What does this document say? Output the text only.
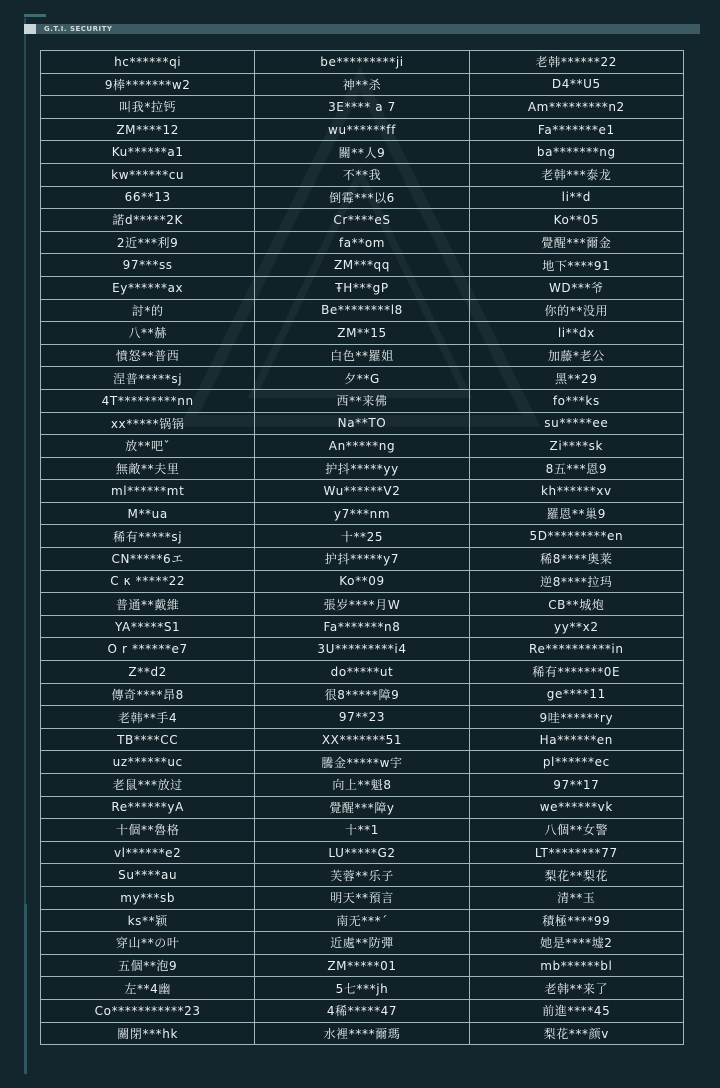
G.T.I. SECURITY
hc******qi	be*********ji	老韩******22
9棒*******w2	神**杀	D4**U5
叫我*拉钙	3E**** a 7	Am*********n2
ZM****12	wu******ff	Fa*******e1
Ku******a1	關**人9	ba*******ng
kw******cu	不**我	老韩***泰龙
66**13	倒霉***以6	li**d
諾d*****2K	Cr****eS	Ko**05
2近***利9	fa**om	覺醒***爾金
97***ss	ZM***qq	地下****91
Ey******ax	ŦH***gP	WD***爷
討*的	Be********l8	你的**没用
八**赫	ZM**15	li**dx
憤怒**普西	白色**羅姐	加藤*老公
涅普*****sj	夕**G	黑**29
4T*********nn	西**来佛	fo***ks
xx*****锅锅	Na**TO	su*****ee
放**吧ˇ	An*****ng	Zi****sk
無敵**夫里	护抖*****yy	8五***恩9
ml******mt	Wu******V2	kh******xv
M**ua	y7***nm	羅恩**巢9
稀有*****sj	十**25	5D*********en
CN*****6エ	护抖*****y7	稀8****奥莱
C κ *****22	Ko**09	逆8****拉玛
普通**戴維	張岁****月W	CB**城炮
YA*****S1	Fa*******n8	yy**x2
O r ******e7	3U*********i4	Re**********in
Z**d2	do*****ut	稀有*******0E
傳奇****昂8	很8*****障9	ge****11
老韩**手4	97**23	9哇******ry
TB****CC	XX*******51	Ha******en
uz******uc	騰金*****w宇	pl******ec
老鼠***放过	向上**魁8	97**17
Re******yA	覺醒***障y	we******vk
十個**魯格	十**1	八個**女警
vl******e2	LU*****G2	LT********77
Su****au	芙蓉**乐子	梨花**梨花
my***sb	明天**預言	清**玉
ks**颖	南无***ˊ	積極****99
穿山**の叶	近處**防彈	她是****墟2
五個**泡9	ZM*****01	mb******bl
左**4幽	5七***jh	老韩**来了
Co***********23	4稀*****47	前進****45
關閉***hk	水裡****爾瑪	梨花***颜v
